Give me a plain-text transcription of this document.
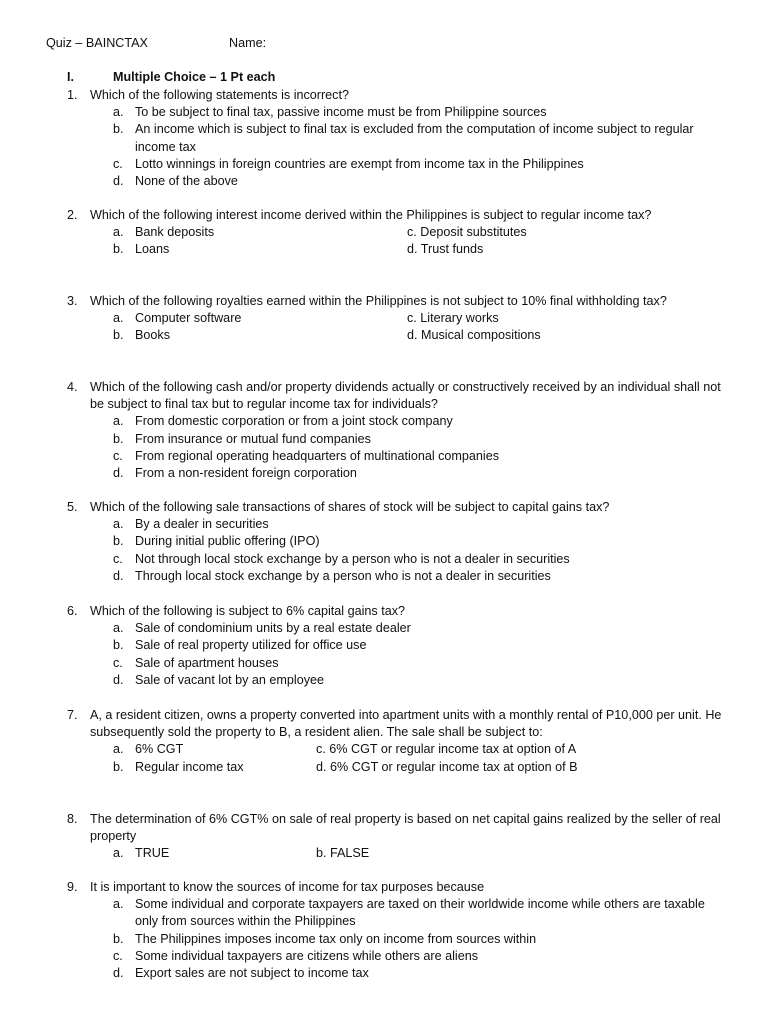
Quiz – BAINCTAX	Name:
I.	Multiple Choice – 1 Pt each
1. Which of the following statements is incorrect?
a. To be subject to final tax, passive income must be from Philippine sources
b. An income which is subject to final tax is excluded from the computation of income subject to regular income tax
c. Lotto winnings in foreign countries are exempt from income tax in the Philippines
d. None of the above
2. Which of the following interest income derived within the Philippines is subject to regular income tax?
a. Bank deposits	c. Deposit substitutes
b. Loans	d. Trust funds
3. Which of the following royalties earned within the Philippines is not subject to 10% final withholding tax?
a. Computer software	c. Literary works
b. Books	d. Musical compositions
4. Which of the following cash and/or property dividends actually or constructively received by an individual shall not be subject to final tax but to regular income tax for individuals?
a. From domestic corporation or from a joint stock company
b. From insurance or mutual fund companies
c. From regional operating headquarters of multinational companies
d. From a non-resident foreign corporation
5. Which of the following sale transactions of shares of stock will be subject to capital gains tax?
a. By a dealer in securities
b. During initial public offering (IPO)
c. Not through local stock exchange by a person who is not a dealer in securities
d. Through local stock exchange by a person who is not a dealer in securities
6. Which of the following is subject to 6% capital gains tax?
a. Sale of condominium units by a real estate dealer
b. Sale of real property utilized for office use
c. Sale of apartment houses
d. Sale of vacant lot by an employee
7. A, a resident citizen, owns a property converted into apartment units with a monthly rental of P10,000 per unit. He subsequently sold the property to B, a resident alien. The sale shall be subject to:
a. 6% CGT	c. 6% CGT or regular income tax at option of A
b. Regular income tax	d. 6% CGT or regular income tax at option of B
8. The determination of 6% CGT% on sale of real property is based on net capital gains realized by the seller of real property
a. TRUE	b. FALSE
9. It is important to know the sources of income for tax purposes because
a. Some individual and corporate taxpayers are taxed on their worldwide income while others are taxable only from sources within the Philippines
b. The Philippines imposes income tax only on income from sources within
c. Some individual taxpayers are citizens while others are aliens
d. Export sales are not subject to income tax
